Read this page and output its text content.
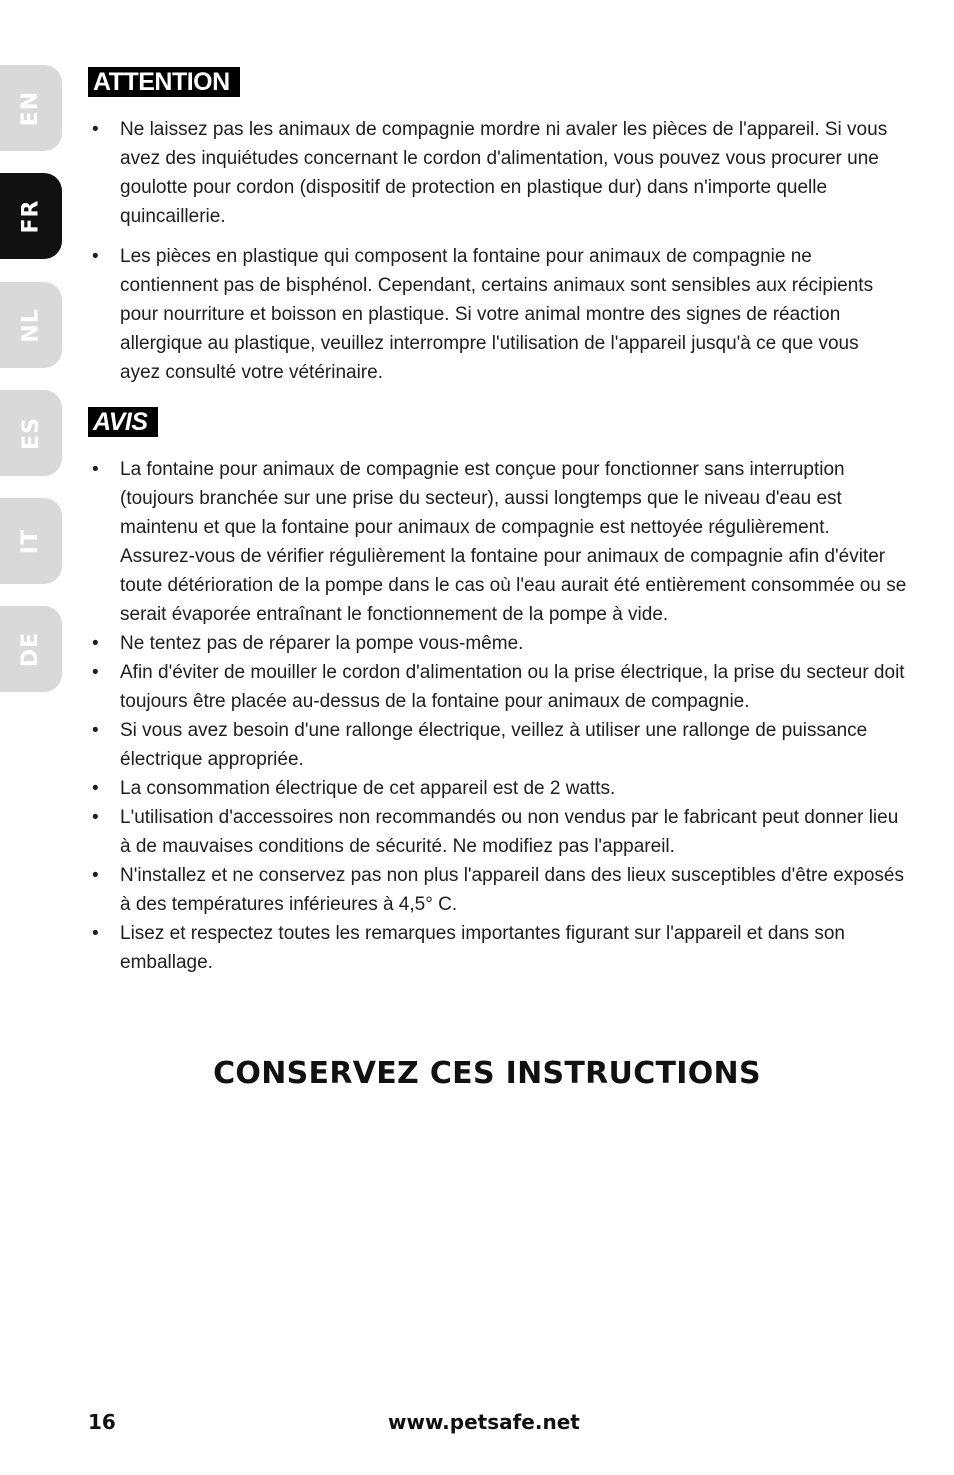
EN
FR
NL
ES
IT
DE
ATTENTION
• Ne laissez pas les animaux de compagnie mordre ni avaler les pièces de l'appareil. Si vous avez des inquiétudes concernant le cordon d'alimentation, vous pouvez vous procurer une goulotte pour cordon (dispositif de protection en plastique dur) dans n'importe quelle quincaillerie.
• Les pièces en plastique qui composent la fontaine pour animaux de compagnie ne contiennent pas de bisphénol. Cependant, certains animaux sont sensibles aux récipients pour nourriture et boisson en plastique. Si votre animal montre des signes de réaction allergique au plastique, veuillez interrompre l'utilisation de l'appareil jusqu'à ce que vous ayez consulté votre vétérinaire.
AVIS
• La fontaine pour animaux de compagnie est conçue pour fonctionner sans interruption (toujours branchée sur une prise du secteur), aussi longtemps que le niveau d'eau est maintenu et que la fontaine pour animaux de compagnie est nettoyée régulièrement. Assurez-vous de vérifier régulièrement la fontaine pour animaux de compagnie afin d'éviter toute détérioration de la pompe dans le cas où l'eau aurait été entièrement consommée ou se serait évaporée entraînant le fonctionnement de la pompe à vide.
• Ne tentez pas de réparer la pompe vous-même.
• Afin d'éviter de mouiller le cordon d'alimentation ou la prise électrique, la prise du secteur doit toujours être placée au-dessus de la fontaine pour animaux de compagnie.
• Si vous avez besoin d'une rallonge électrique, veillez à utiliser une rallonge de puissance électrique appropriée.
• La consommation électrique de cet appareil est de 2 watts.
• L'utilisation d'accessoires non recommandés ou non vendus par le fabricant peut donner lieu à de mauvaises conditions de sécurité. Ne modifiez pas l'appareil.
• N'installez et ne conservez pas non plus l'appareil dans des lieux susceptibles d'être exposés à des températures inférieures à 4,5° C.
• Lisez et respectez toutes les remarques importantes figurant sur l'appareil et dans son emballage.
CONSERVEZ CES INSTRUCTIONS
16	www.petsafe.net
